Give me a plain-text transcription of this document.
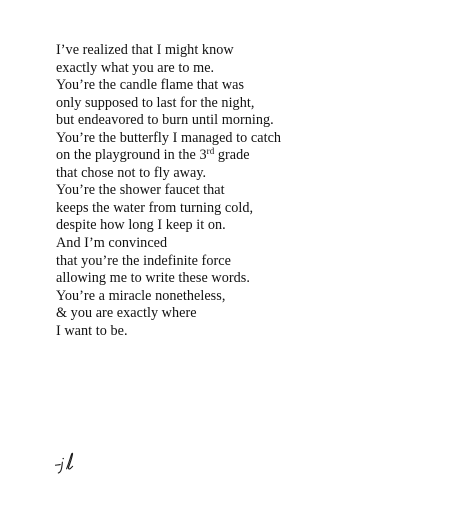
I’ve realized that I might know
exactly what you are to me.
You’re the candle flame that was
only supposed to last for the night,
but endeavored to burn until morning.
You’re the butterfly I managed to catch
on the playground in the 3rd grade
that chose not to fly away.
You’re the shower faucet that
keeps the water from turning cold,
despite how long I keep it on.
And I’m convinced
that you’re the indefinite force
allowing me to write these words.
You’re a miracle nonetheless,
& you are exactly where
I want to be.
